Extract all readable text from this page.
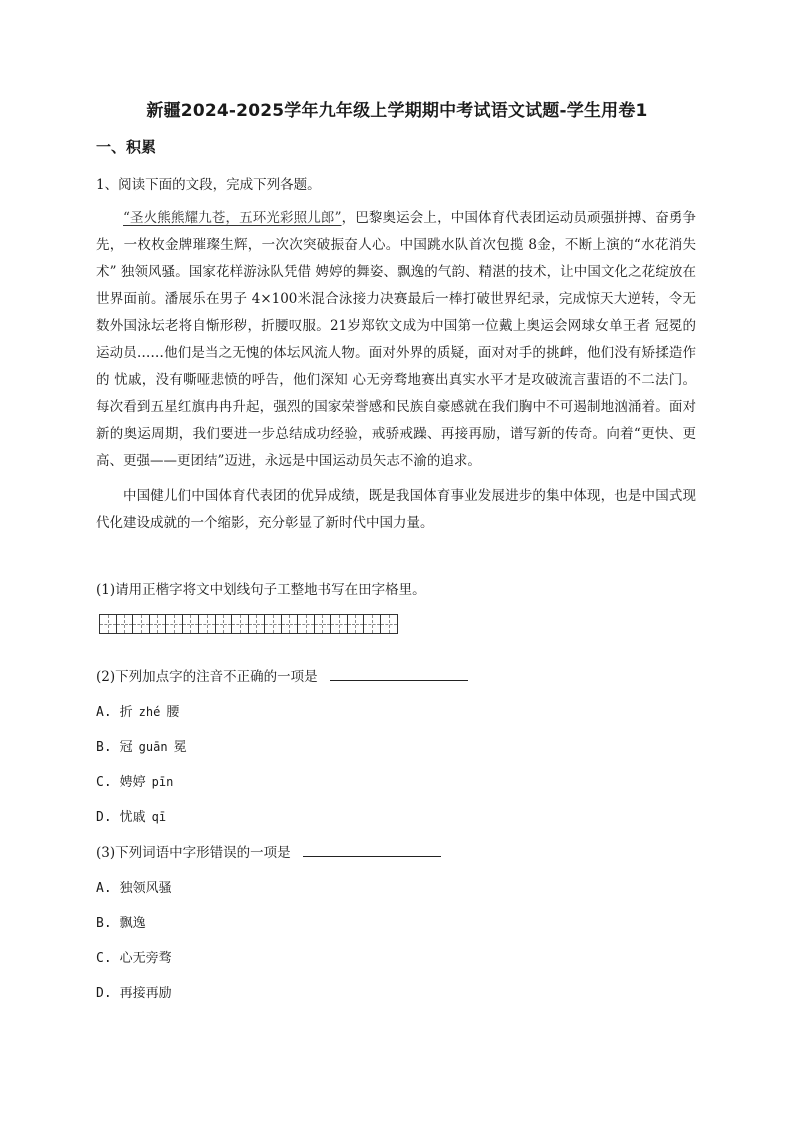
新疆2024-2025学年九年级上学期期中考试语文试题-学生用卷1
一、积累
1、阅读下面的文段，完成下列各题。

“圣火熊熊耀九苍，五环光彩照儿郎”，巴黎奥运会上，中国体育代表团运动员顽强拼搏、奋勇争先，一枚枚金牌璀璨生辉，一次次突破振奋人心。中国跳水队首次包揽 8金，不断上演的“水花消失术” 独领风骚。国家花样游泳队凭借 娉婷的舞姿、飘逸的气韵、精湛的技术，让中国文化之花绽放在世界面前。潘展乐在男子 4×100米混合泳接力决赛最后一棒打破世界纪录，完成惊天大逆转，令无数外国泳坛老将自惭形秽，折腰叹服。21岁郑钦文成为中国第一位戴上奥运会网球女单王者 冠冕的运动员……他们是当之无愧的体坛风流人物。面对外界的质疑，面对对手的挑衅，他们没有矫揉造作的 忧戚，没有嘶哑悲愤的呼告，他们深知 心无旁骛地赛出真实水平才是攻破流言蜚语的不二法门。每次看到五星红旗冉冉升起，强烈的国家荣誉感和民族自豪感就在我们胸中不可遏制地汹涌着。面对新的奥运周期，我们要进一步总结成功经验，戒骄戒躁、再接再励，谱写新的传奇。向着“更快、更高、更强——更团结”迈进，永远是中国运动员矢志不渝的追求。

中国健儿们中国体育代表团的优异成绩，既是我国体育事业发展进步的集中体现，也是中国式现代化建设成就的一个缩影，充分彰显了新时代中国力量。

(1)请用正楷字将文中划线句子工整地书写在田字格里。
(2)下列加点字的注音不正确的一项是
A. 折 zhé 腰
B. 冠 guān 冕
C. 娉婷 pīn
D. 忧戚 qī
(3)下列词语中字形错误的一项是
A. 独领风骚
B. 飘逸
C. 心无旁骛
D. 再接再励
